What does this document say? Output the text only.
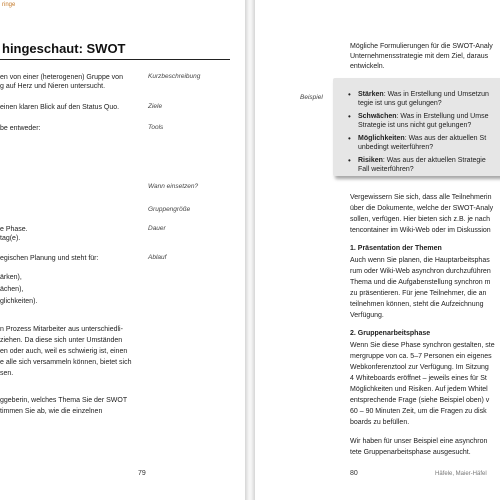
ringe
hingeschaut: SWOT
Kurzbeschreibung
Ziele
Tools
Wann einsetzen?
Gruppengröße
Dauer
Ablauf
en von einer (heterogenen) Gruppe von
g auf Herz und Nieren untersucht.
einen klaren Blick auf den Status Quo.
be entweder:
e Phase.
tag(e).
egischen Planung und steht für:
ärken),
ächen),
glichkeiten).
n Prozess Mitarbeiter aus unterschiedli-
ziehen. Da diese sich unter Umständen
en oder auch, weil es schwierig ist, einen
e alle sich versammeln können, bietet sich
sen.
ggeberin, welches Thema Sie der SWOT
timmen Sie ab, wie die einzelnen
79
Mögliche Formulierungen für die SWOT-Analy
Unternehmensstrategie mit dem Ziel, daraus
entwickeln.
Beispiel	• Stärken: Was in Erstellung und Umsetzun
tegie ist uns gut gelungen?
• Schwächen: Was in Erstellung und Umse
Strategie ist uns nicht gut gelungen?
• Möglichkeiten: Was aus der aktuellen St
unbedingt weiterführen?
• Risiken: Was aus der aktuellen Strategie
Fall weiterführen?
Vergewissern Sie sich, dass alle Teilnehmerin
über die Dokumente, welche der SWOT-Analy
sollen, verfügen. Hier bieten sich z.B. je nach
tencontainer im Wiki-Web oder im Diskussion
1. Präsentation der Themen
Auch wenn Sie planen, die Hauptarbeitsphas
rum oder Wiki-Web asynchron durchzuführen
Thema und die Aufgabenstellung synchron m
zu präsentieren. Für jene Teilnehmer, die an
teilnehmen können, steht die Aufzeichnung
Verfügung.
2. Gruppenarbeitsphase
Wenn Sie diese Phase synchron gestalten, ste
mergruppe von ca. 5–7 Personen ein eigenes
Webkonferenztool zur Verfügung. Im Sitzung
4 Whiteboards eröffnet – jeweils eines für St
Möglichkeiten und Risiken. Auf jedem Whitel
entsprechende Frage (siehe Beispiel oben) v
60 – 90 Minuten Zeit, um die Fragen zu disk
boards zu befüllen.
Wir haben für unser Beispiel eine asynchron
tete Gruppenarbeitsphase ausgesucht.
80	Häfele, Maier-Häfel
